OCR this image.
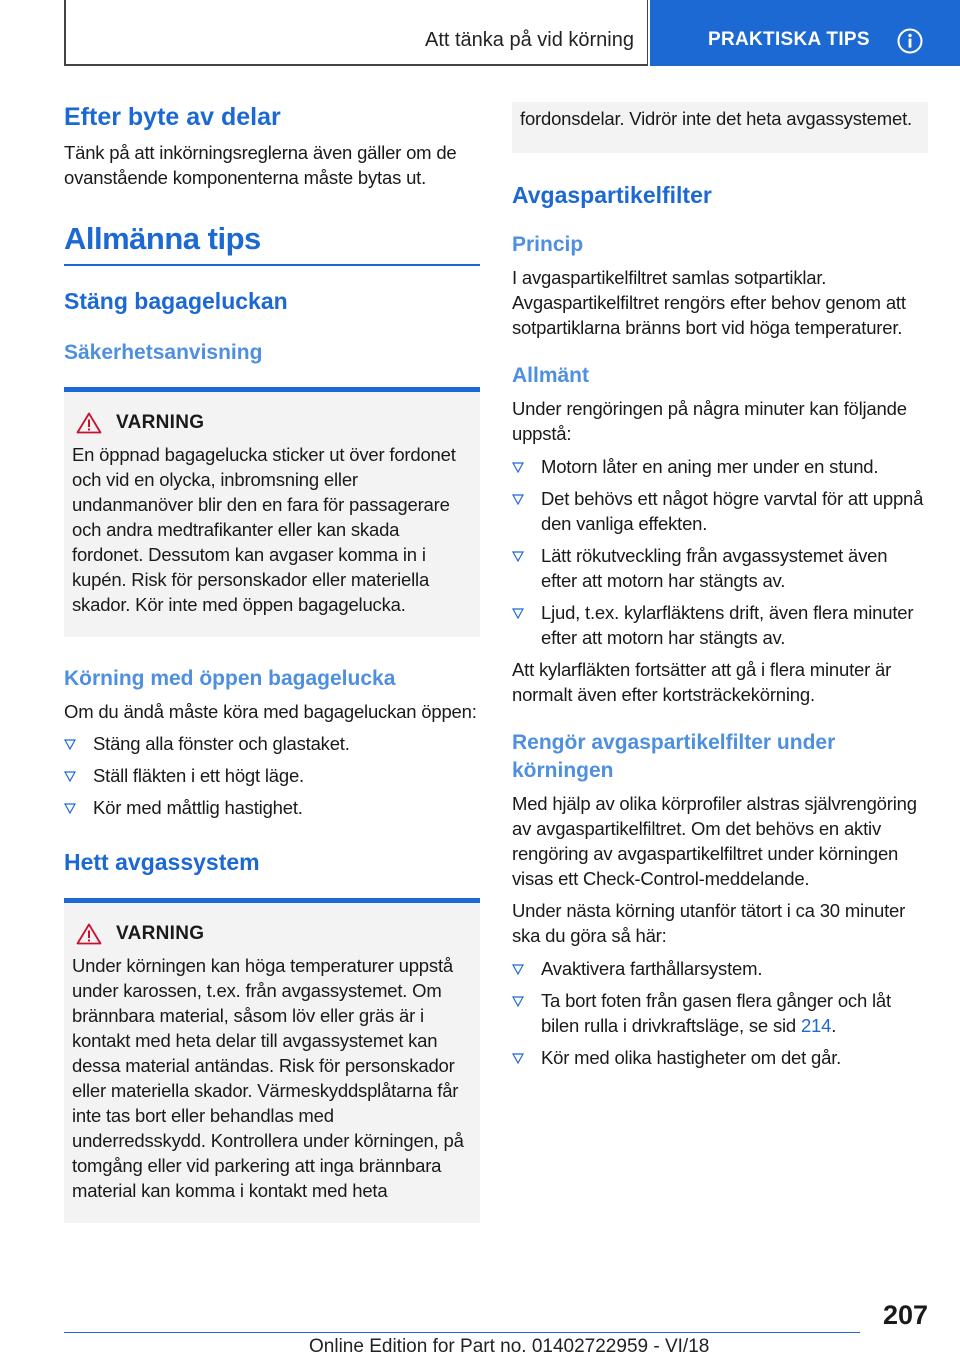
Att tänka på vid körning	PRAKTISKA TIPS
Efter byte av delar
Tänk på att inkörningsreglerna även gäller om de ovanstående komponenterna måste bytas ut.
Allmänna tips
Stäng bagageluckan
Säkerhetsanvisning
VARNING
En öppnad bagagelucka sticker ut över fordonet och vid en olycka, inbromsning eller undanmanöver blir den en fara för passagerare och andra medtrafikanter eller kan skada fordonet. Dessutom kan avgaser komma in i kupén. Risk för personskador eller materiella skador. Kör inte med öppen bagagelucka.
Körning med öppen bagagelucka
Om du ändå måste köra med bagageluckan öppen:
Stäng alla fönster och glastaket.
Ställ fläkten i ett högt läge.
Kör med måttlig hastighet.
Hett avgassystem
VARNING
Under körningen kan höga temperaturer uppstå under karossen, t.ex. från avgassystemet. Om brännbara material, såsom löv eller gräs är i kontakt med heta delar till avgassystemet kan dessa material antändas. Risk för personskador eller materiella skador. Värmeskyddsplåtarna får inte tas bort eller behandlas med underredsskydd. Kontrollera under körningen, på tomgång eller vid parkering att inga brännbara material kan komma i kontakt med heta
fordonsdelar. Vidrör inte det heta avgassystemet.
Avgaspartikelfilter
Princip
I avgaspartikelfiltret samlas sotpartiklar. Avgaspartikelfiltret rengörs efter behov genom att sotpartiklarna bränns bort vid höga temperaturer.
Allmänt
Under rengöringen på några minuter kan följande uppstå:
Motorn låter en aning mer under en stund.
Det behövs ett något högre varvtal för att uppnå den vanliga effekten.
Lätt rökutveckling från avgassystemet även efter att motorn har stängts av.
Ljud, t.ex. kylarfläktens drift, även flera minuter efter att motorn har stängts av.
Att kylarfläkten fortsätter att gå i flera minuter är normalt även efter kortsträckekörning.
Rengör avgaspartikelfilter under körningen
Med hjälp av olika körprofiler alstras självrengöring av avgaspartikelfiltret. Om det behövs en aktiv rengöring av avgaspartikelfiltret under körningen visas ett Check-Control-meddelande.
Under nästa körning utanför tätort i ca 30 minuter ska du göra så här:
Avaktivera farthållarsystem.
Ta bort foten från gasen flera gånger och låt bilen rulla i drivkraftsläge, se sid 214.
Kör med olika hastigheter om det går.
207
Online Edition for Part no. 01402722959 - VI/18
